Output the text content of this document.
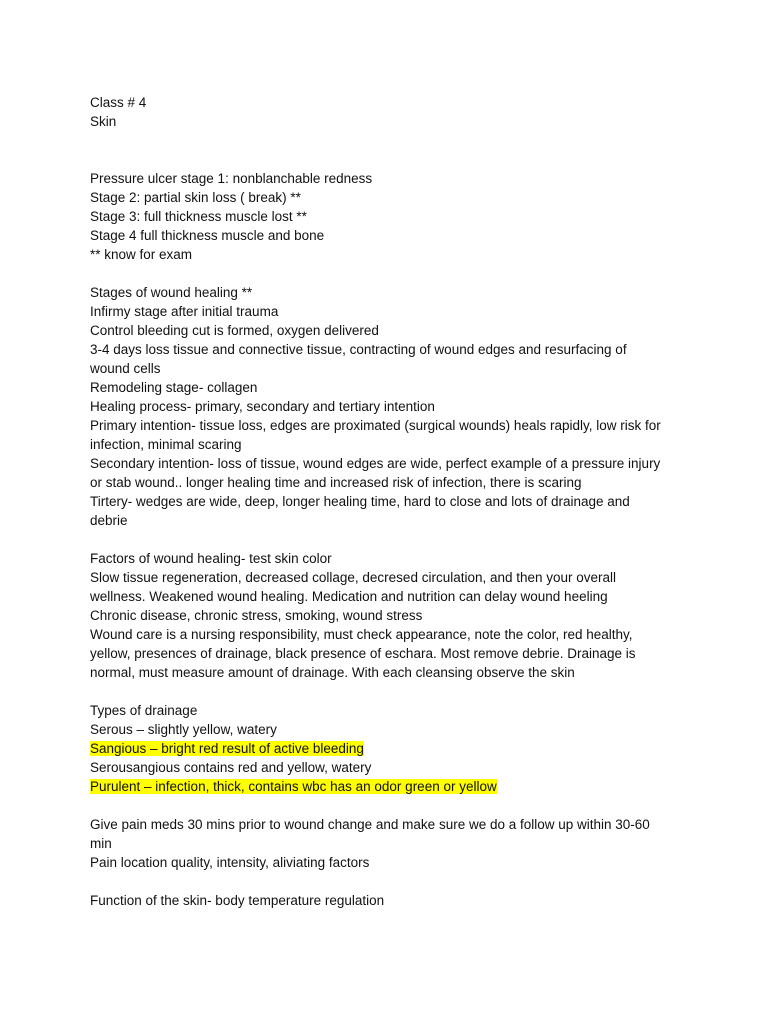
Class # 4
Skin
Pressure ulcer stage 1: nonblanchable redness
Stage 2: partial skin loss ( break) **
Stage 3: full thickness muscle lost **
Stage 4 full thickness muscle and bone
** know for exam
Stages of wound healing **
Infirmy stage after initial trauma
Control bleeding cut is formed, oxygen delivered
3-4 days loss tissue and connective tissue, contracting of wound edges and resurfacing of
wound cells
Remodeling stage- collagen
Healing process- primary, secondary and tertiary intention
Primary intention- tissue loss, edges are proximated (surgical wounds) heals rapidly, low risk for
infection, minimal scaring
Secondary intention- loss of tissue, wound edges are wide, perfect example of a pressure injury
or stab wound.. longer healing time and increased risk of infection, there is scaring
Tirtery- wedges are wide, deep, longer healing time, hard to close and lots of drainage and
debrie
Factors of wound healing- test skin color
Slow tissue regeneration, decreased collage, decresed circulation, and then your overall
wellness. Weakened wound healing. Medication and nutrition can delay wound heeling
Chronic disease, chronic stress, smoking, wound stress
Wound care is a nursing responsibility, must check appearance, note the color, red healthy,
yellow, presences of drainage, black presence of eschara. Most remove debrie. Drainage is
normal, must measure amount of drainage. With each cleansing observe the skin
Types of drainage
Serous – slightly yellow, watery
Sangious – bright red result of active bleeding
Serousangious contains red and yellow, watery
Purulent – infection, thick, contains wbc has an odor green or yellow
Give pain meds 30 mins prior to wound change and make sure we do a follow up within 30-60
min
Pain location quality, intensity, aliviating factors
Function of the skin- body temperature regulation
